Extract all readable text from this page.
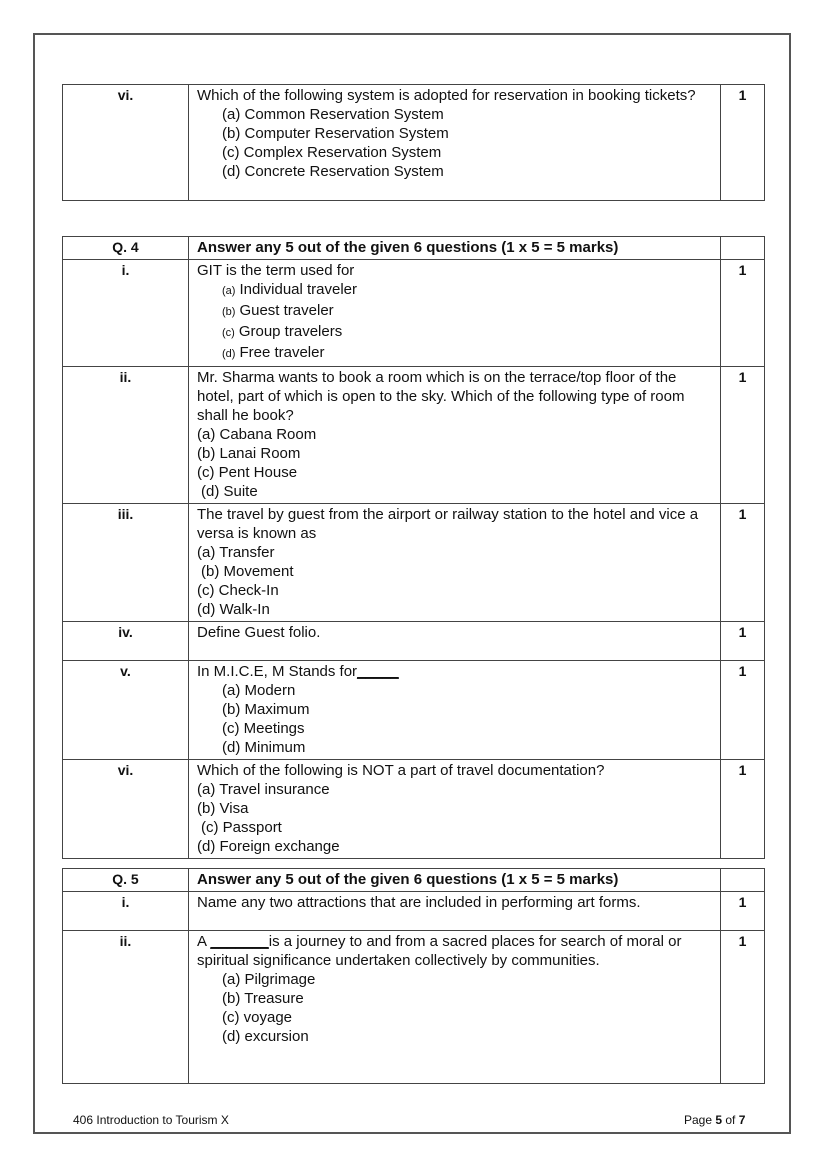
vi.	Which of the following system is adopted for reservation in booking tickets?
(a) Common Reservation System
(b) Computer Reservation System
(c) Complex Reservation System
(d) Concrete Reservation System
	1
Q. 4	Answer any 5 out of the given 6 questions (1 x 5 = 5 marks)	
i.	GIT is the term used for
(a) Individual traveler
(b) Guest traveler
(c) Group travelers
(d) Free traveler	1
ii.	Mr. Sharma wants to book a room which is on the terrace/top floor of the hotel, part of which is open to the sky. Which of the following type of room shall he book?
(a) Cabana Room
(b) Lanai Room
(c) Pent House
(d) Suite	1
iii.	The travel by guest from the airport or railway station to the hotel and vice a versa is known as
(a) Transfer
(b) Movement
(c) Check-In
(d) Walk-In	1
iv.	Define Guest folio.	1
v.	In M.I.C.E, M Stands for_____
(a) Modern
(b) Maximum
(c) Meetings
(d) Minimum	1
vi.	Which of the following is NOT a part of travel documentation?
(a) Travel insurance
(b) Visa
(c) Passport
(d) Foreign exchange	1
Q. 5	Answer any 5 out of the given 6 questions (1 x 5 = 5 marks)	
i.	Name any two attractions that are included in performing art forms.	1
ii.	A _______is a journey to and from a sacred places for search of moral or spiritual significance undertaken collectively by communities.
(a) Pilgrimage
(b) Treasure
(c) voyage
(d) excursion	1
406 Introduction to Tourism X	Page 5 of 7
